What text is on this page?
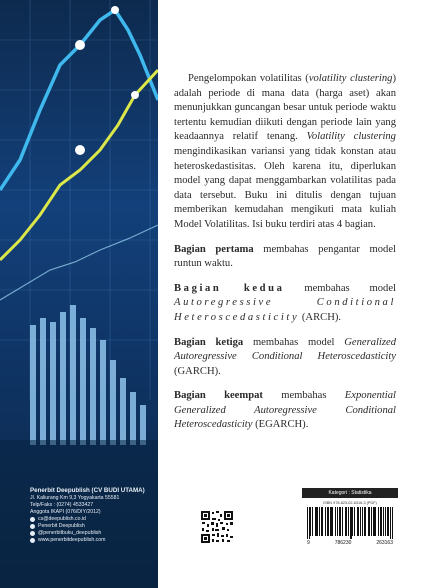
Penerbit Deepublish (CV BUDI UTAMA)
Jl. Kaliurang Km 9,3 Yogyakarta 55581
Telp/Faks : (0274) 4533427
Anggota IKAPI (076/DIY/2012)
cs@deepublish.co.id
Penerbit Deepublish
@penerbitbuku_deepublish
www.penerbitdeepublish.com

Pengelompokan volatilitas (volatility clustering) adalah periode di mana data (harga aset) akan menunjukkan guncangan besar untuk periode waktu tertentu kemudian diikuti dengan periode lain yang keadaannya relatif tenang. Volatility clustering mengindikasikan variansi yang tidak konstan atau heteroskedastisitas. Oleh karena itu, diperlukan model yang dapat menggambarkan volatilitas pada data tersebut. Buku ini ditulis dengan tujuan memberikan kemudahan mengikuti mata kuliah Model Volatilitas. Isi buku terdiri atas 4 bagian.

Bagian pertama membahas pengantar model runtun waktu.

Bagian kedua membahas model Autoregressive Conditional Heteroscedasticity (ARCH).

Bagian ketiga membahas model Generalized Autoregressive Conditional Heteroscedasticity (GARCH).

Bagian keempat membahas Exponential Generalized Autoregressive Conditional Heteroscedasticity (EGARCH).

Kategori : Statistika
ISBN 978-623-02-6316-3 (PDF)
9	786230	263163
